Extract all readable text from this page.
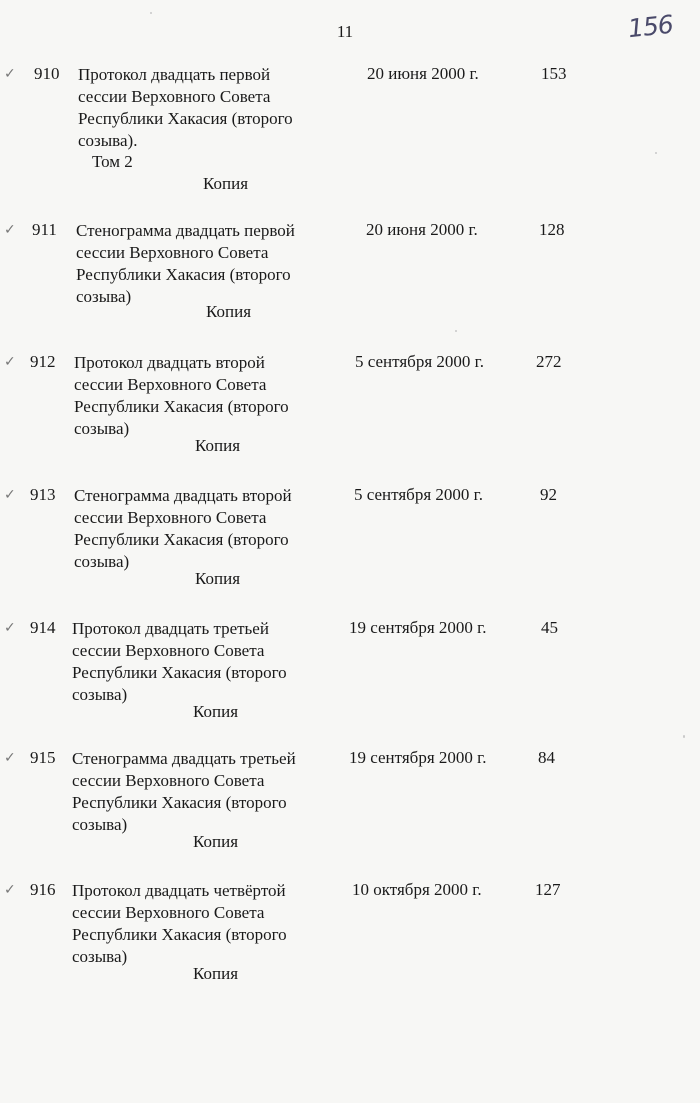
11	156
✓ 910 Протокол двадцать первой
сессии Верховного Совета
Республики Хакасия (второго
созыва).
Том 2
Копия
20 июня 2000 г.	153
✓ 911 Стенограмма двадцать первой
сессии Верховного Совета
Республики Хакасия (второго
созыва)
Копия
20 июня 2000 г.	128
✓ 912 Протокол двадцать второй
сессии Верховного Совета
Республики Хакасия (второго
созыва)
Копия
5 сентября 2000 г.	272
✓ 913 Стенограмма двадцать второй
сессии Верховного Совета
Республики Хакасия (второго
созыва)
Копия
5 сентября 2000 г.	92
✓ 914 Протокол двадцать третьей
сессии Верховного Совета
Республики Хакасия (второго
созыва)
Копия
19 сентября 2000 г.	45
✓ 915 Стенограмма двадцать третьей
сессии Верховного Совета
Республики Хакасия (второго
созыва)
Копия
19 сентября 2000 г.	84
✓ 916 Протокол двадцать четвёртой
сессии Верховного Совета
Республики Хакасия (второго
созыва)
Копия
10 октября 2000 г.	127
